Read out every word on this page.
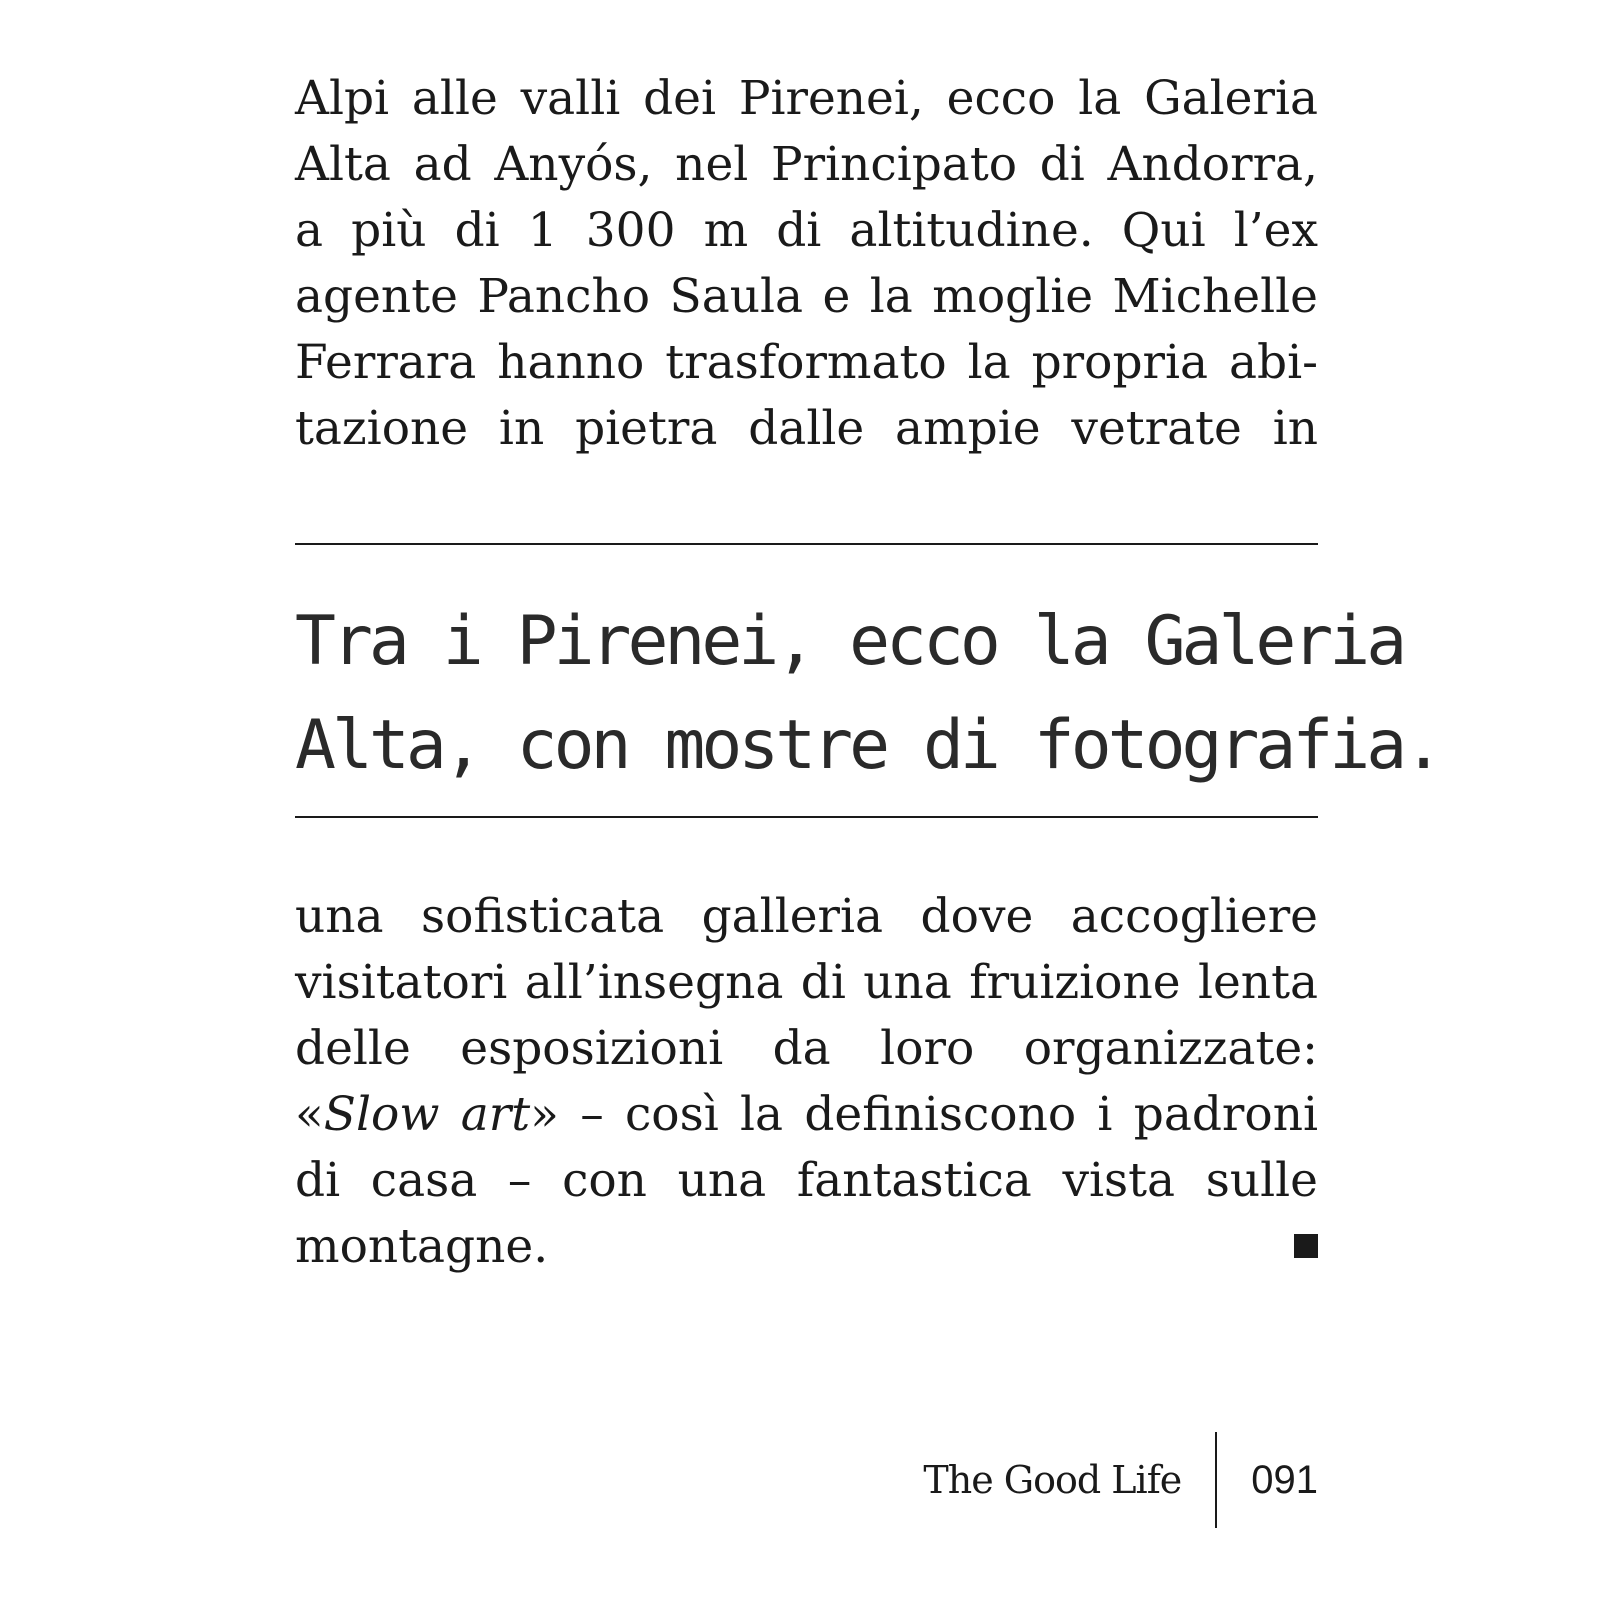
Alpi alle valli dei Pirenei, ecco la Galeria
Alta ad Anyós, nel Principato di Andorra,
a più di 1 300 m di altitudine. Qui l’ex
agente Pancho Saula e la moglie Michelle
Ferrara hanno trasformato la propria abi-
tazione in pietra dalle ampie vetrate in
Tra i Pirenei, ecco la Galeria
Alta, con mostre di fotografia.
una sofisticata galleria dove accogliere
visitatori all’insegna di una fruizione lenta
delle esposizioni da loro organizzate:
«Slow art» – così la definiscono i padroni
di casa – con una fantastica vista sulle
montagne.
The Good Life	091
